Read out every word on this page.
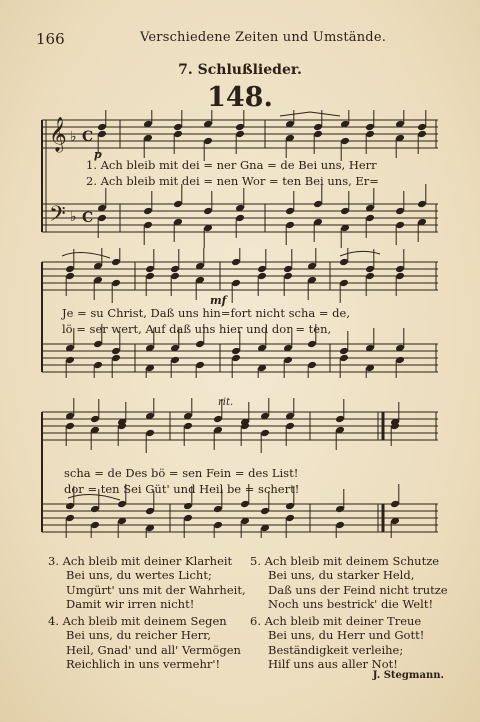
166	Verschiedene Zeiten und Umstände.
7. Schlußlieder.
148.
𝄞
𝄢
♭
♭
C
C
p
1. Ach bleib mit dei = ner Gna = de Bei uns, Herr
2. Ach bleib mit dei = nen Wor = ten Bei uns, Er=
mf
Je = su Christ, Daß uns hin=fort nicht scha = de,
lö = ser wert, Auf daß uns hier und dor = ten,
rit.
scha = de Des bö = sen Fein = des List!
dor = ten Sei Güt' und Heil be = schert!
3. Ach bleib mit deiner Klarheit
Bei uns, du wertes Licht;
Umgürt' uns mit der Wahrheit,
Damit wir irren nicht!
5. Ach bleib mit deinem Schutze
Bei uns, du starker Held,
Daß uns der Feind nicht trutze
Noch uns bestrick' die Welt!
4. Ach bleib mit deinem Segen
Bei uns, du reicher Herr,
Heil, Gnad' und all' Vermögen
Reichlich in uns vermehr'!
6. Ach bleib mit deiner Treue
Bei uns, du Herr und Gott!
Beständigkeit verleihe;
Hilf uns aus aller Not!
J. Stegmann.
